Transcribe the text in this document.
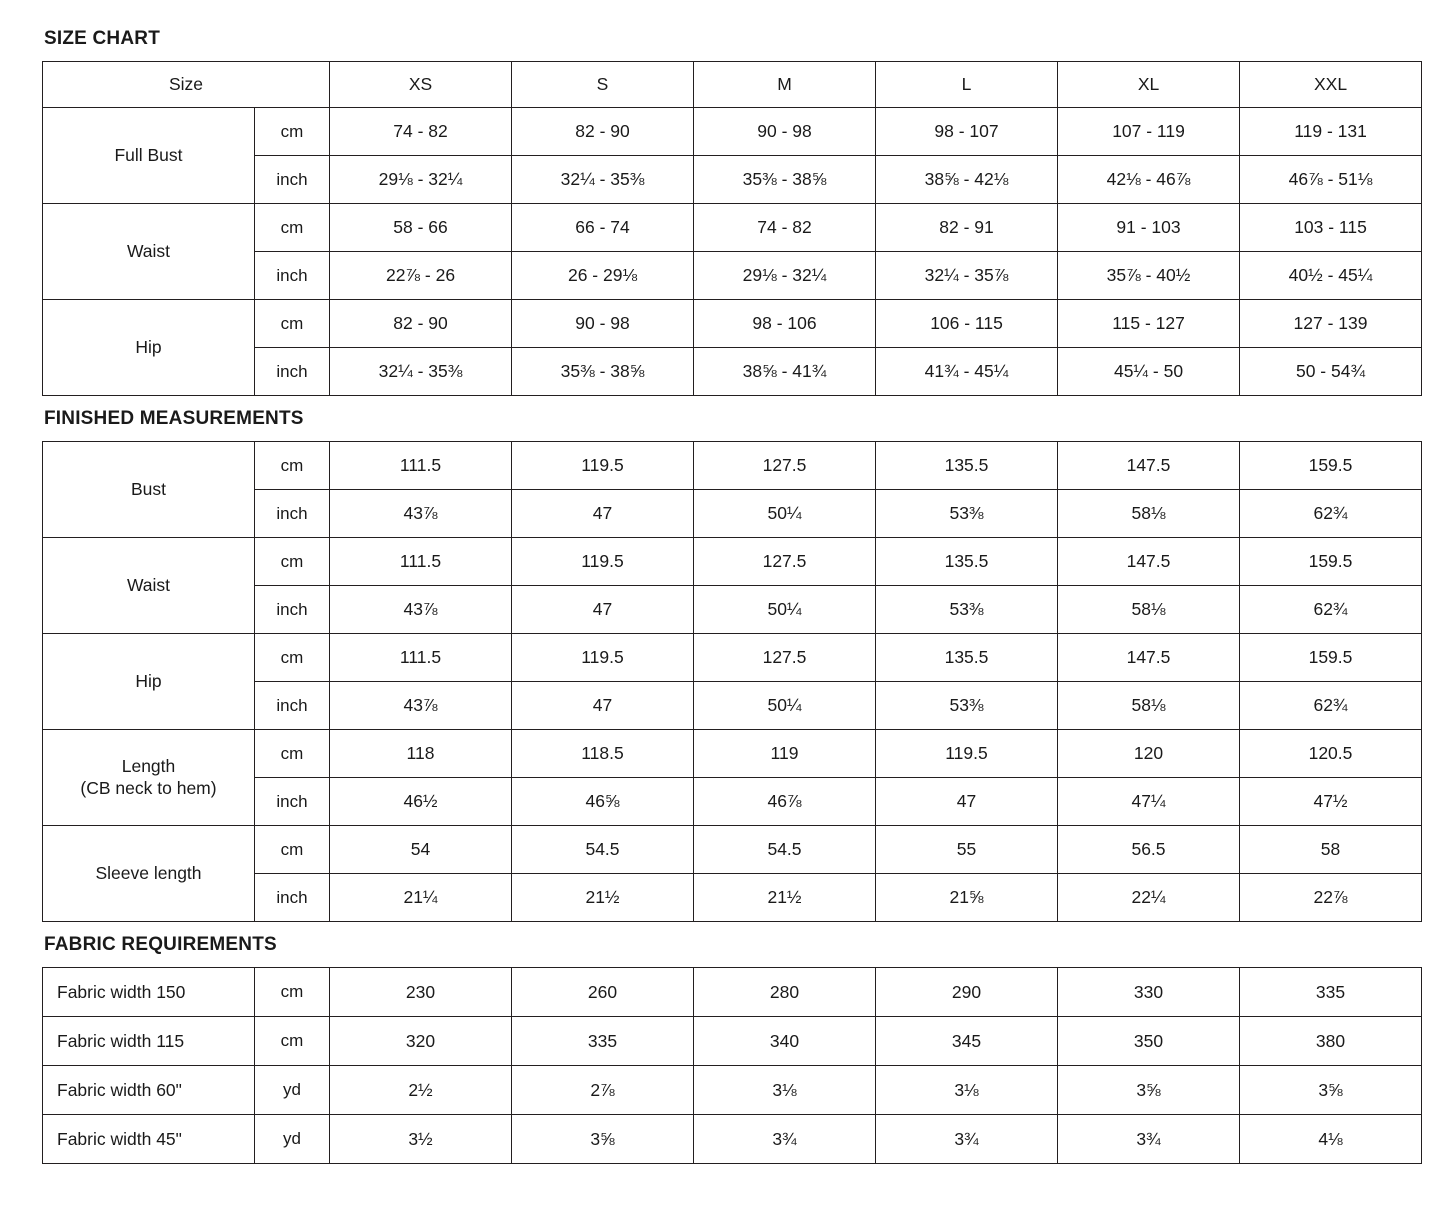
SIZE CHART
Size		XS	S	M	L	XL	XXL
Full Bust	cm	74 - 82	82 - 90	90 - 98	98 - 107	107 - 119	119 - 131
	inch	29⅛ - 32¼	32¼ - 35⅜	35⅜ - 38⅝	38⅝ - 42⅛	42⅛ - 46⅞	46⅞ - 51⅛
Waist	cm	58 - 66	66 - 74	74 - 82	82 - 91	91 - 103	103 - 115
	inch	22⅞ - 26	26 - 29⅛	29⅛ - 32¼	32¼ - 35⅞	35⅞ - 40½	40½ - 45¼
Hip	cm	82 - 90	90 - 98	98 - 106	106 - 115	115 - 127	127 - 139
	inch	32¼ - 35⅜	35⅜ - 38⅝	38⅝ - 41¾	41¾ - 45¼	45¼ - 50	50 - 54¾
FINISHED MEASUREMENTS
Bust	cm	111.5	119.5	127.5	135.5	147.5	159.5
	inch	43⅞	47	50¼	53⅜	58⅛	62¾
Waist	cm	111.5	119.5	127.5	135.5	147.5	159.5
	inch	43⅞	47	50¼	53⅜	58⅛	62¾
Hip	cm	111.5	119.5	127.5	135.5	147.5	159.5
	inch	43⅞	47	50¼	53⅜	58⅛	62¾
Length
(CB neck to hem)	cm	118	118.5	119	119.5	120	120.5
	inch	46½	46⅝	46⅞	47	47¼	47½
Sleeve length	cm	54	54.5	54.5	55	56.5	58
	inch	21¼	21½	21½	21⅝	22¼	22⅞
FABRIC REQUIREMENTS
Fabric width 150	cm	230	260	280	290	330	335
Fabric width 115	cm	320	335	340	345	350	380
Fabric width 60"	yd	2½	2⅞	3⅛	3⅛	3⅝	3⅝
Fabric width 45"	yd	3½	3⅝	3¾	3¾	3¾	4⅛
